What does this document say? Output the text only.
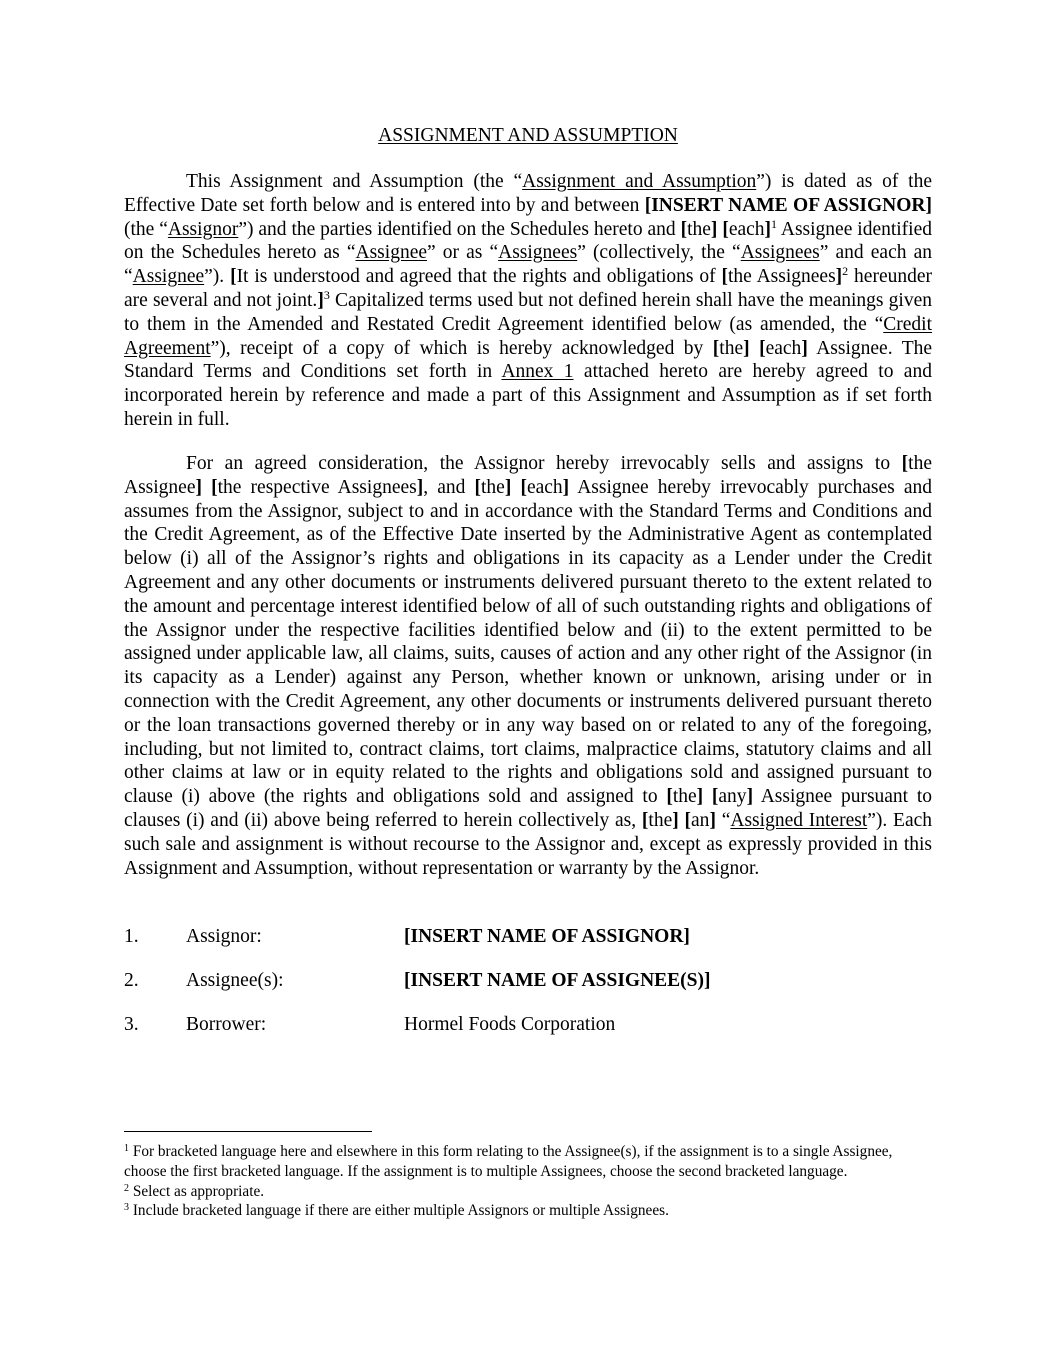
ASSIGNMENT AND ASSUMPTION

This Assignment and Assumption (the “Assignment and Assumption”) is dated as of the Effective Date set forth below and is entered into by and between [INSERT NAME OF ASSIGNOR] (the “Assignor”) and the parties identified on the Schedules hereto and [the] [each]$^1$ Assignee identified on the Schedules hereto as “Assignee” or as “Assignees” (collectively, the “Assignees” and each an “Assignee”). [It is understood and agreed that the rights and obligations of [the Assignees]$^2$ hereunder are several and not joint.]$^3$ Capitalized terms used but not defined herein shall have the meanings given to them in the Amended and Restated Credit Agreement identified below (as amended, the “Credit Agreement”), receipt of a copy of which is hereby acknowledged by [the] [each] Assignee. The Standard Terms and Conditions set forth in Annex 1 attached hereto are hereby agreed to and incorporated herein by reference and made a part of this Assignment and Assumption as if set forth herein in full.

For an agreed consideration, the Assignor hereby irrevocably sells and assigns to [the Assignee] [the respective Assignees], and [the] [each] Assignee hereby irrevocably purchases and assumes from the Assignor, subject to and in accordance with the Standard Terms and Conditions and the Credit Agreement, as of the Effective Date inserted by the Administrative Agent as contemplated below (i) all of the Assignor’s rights and obligations in its capacity as a Lender under the Credit Agreement and any other documents or instruments delivered pursuant thereto to the extent related to the amount and percentage interest identified below of all of such outstanding rights and obligations of the Assignor under the respective facilities identified below and (ii) to the extent permitted to be assigned under applicable law, all claims, suits, causes of action and any other right of the Assignor (in its capacity as a Lender) against any Person, whether known or unknown, arising under or in connection with the Credit Agreement, any other documents or instruments delivered pursuant thereto or the loan transactions governed thereby or in any way based on or related to any of the foregoing, including, but not limited to, contract claims, tort claims, malpractice claims, statutory claims and all other claims at law or in equity related to the rights and obligations sold and assigned pursuant to clause (i) above (the rights and obligations sold and assigned to [the] [any] Assignee pursuant to clauses (i) and (ii) above being referred to herein collectively as, [the] [an] “Assigned Interest”). Each such sale and assignment is without recourse to the Assignor and, except as expressly provided in this Assignment and Assumption, without representation or warranty by the Assignor.

1. Assignor:	[INSERT NAME OF ASSIGNOR]
2. Assignee(s):	[INSERT NAME OF ASSIGNEE(S)]
3. Borrower:	Hormel Foods Corporation

$^1$ For bracketed language here and elsewhere in this form relating to the Assignee(s), if the assignment is to a single Assignee, choose the first bracketed language. If the assignment is to multiple Assignees, choose the second bracketed language.

$^2$ Select as appropriate.

$^3$ Include bracketed language if there are either multiple Assignors or multiple Assignees.
